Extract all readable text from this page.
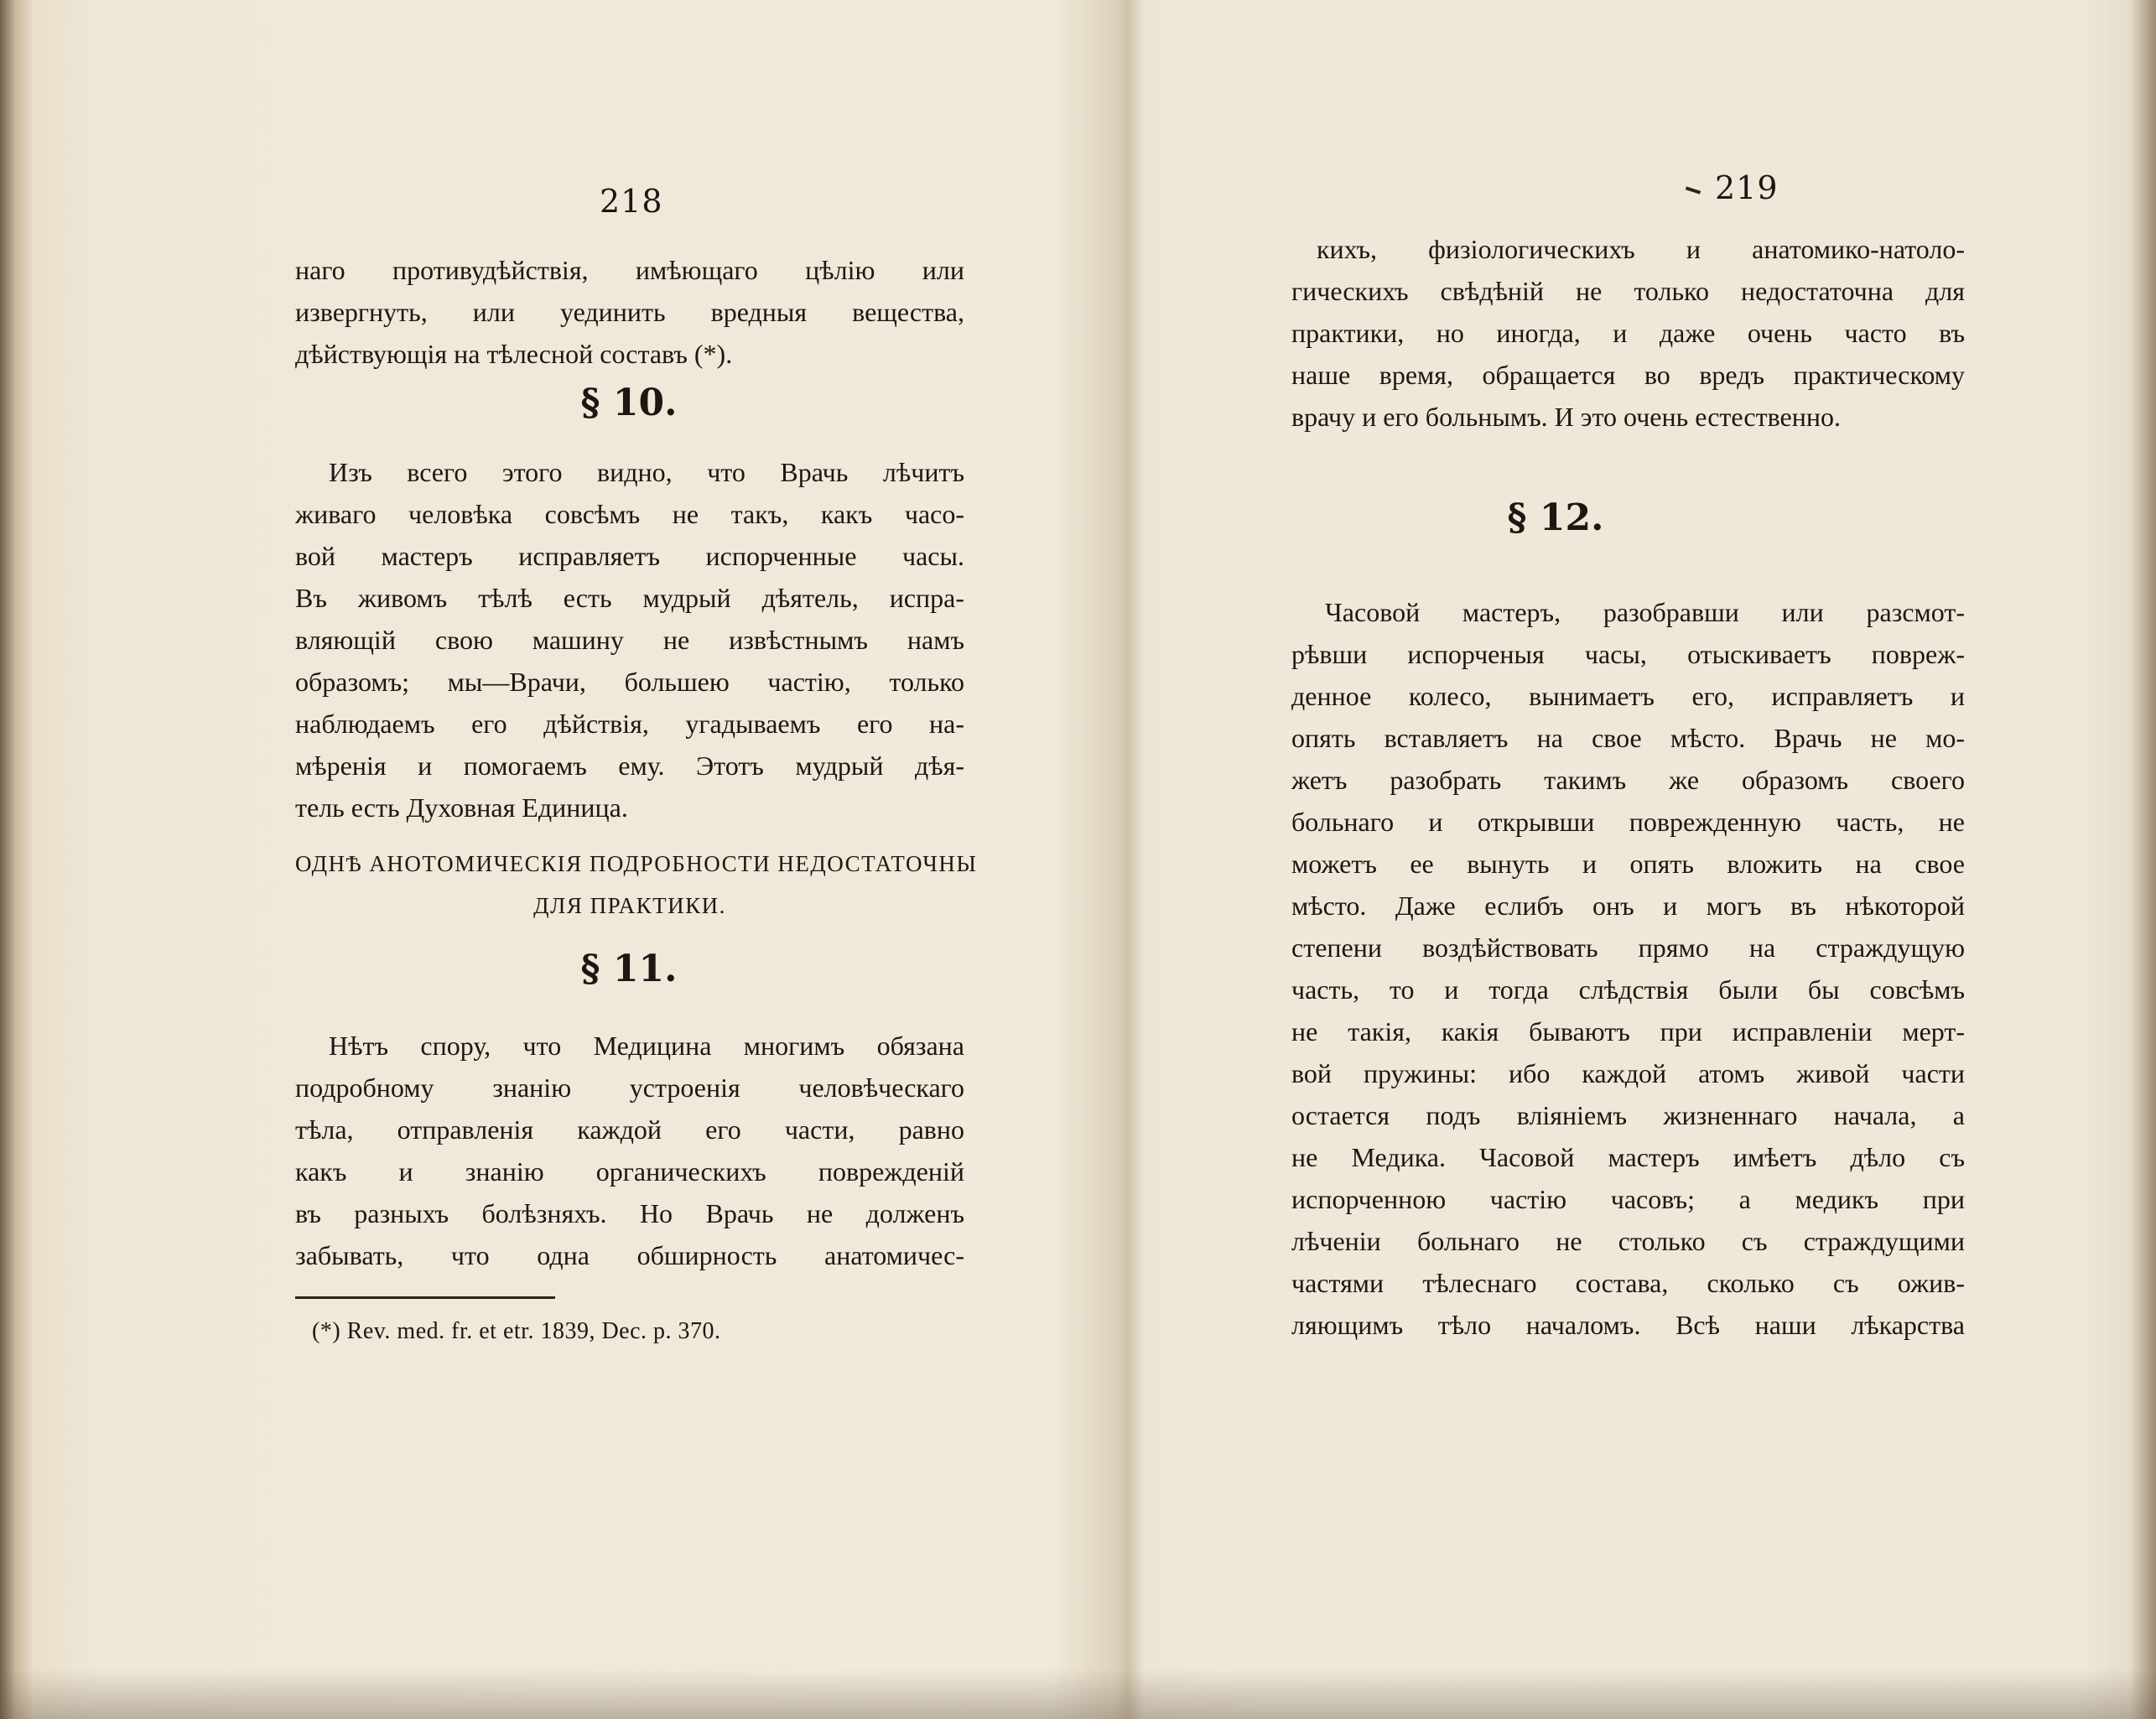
218
наго противудѣйствія, имѣющаго цѣлію или
извергнуть, или уединить вредныя вещества,
дѣйствующія на тѣлесной составъ (*).
§ 10.
Изъ всего этого видно, что Врачь лѣчитъ
живаго человѣка совсѣмъ не такъ, какъ часо-
вой мастеръ исправляетъ испорченные часы.
Въ живомъ тѣлѣ есть мудрый дѣятель, испра-
вляющій свою машину не извѣстнымъ намъ
образомъ; мы—Врачи, большею частію, только
наблюдаемъ его дѣйствія, угадываемъ его на-
мѣренія и помогаемъ ему. Этотъ мудрый дѣя-
тель есть Духовная Единица.
ОДНѢ АНОТОМИЧЕСКІЯ ПОДРОБНОСТИ НЕДОСТАТОЧНЫ
ДЛЯ ПРАКТИКИ.
§ 11.
Нѣтъ спору, что Медицина многимъ обязана
подробному знанію устроенія человѣческаго
тѣла, отправленія каждой его части, равно
какъ и знанію органическихъ поврежденій
въ разныхъ болѣзняхъ. Но Врачь не долженъ
забывать, что одна обширность анатомичес-
(*) Rev. med. fr. et etr. 1839, Dec. p. 370.
219
кихъ, физіологическихъ и анатомико-натоло-
гическихъ свѣдѣній не только недостаточна для
практики, но иногда, и даже очень часто въ
наше время, обращается во вредъ практическому
врачу и его больнымъ. И это очень естественно.
§ 12.
Часовой мастеръ, разобравши или разсмот-
рѣвши испорченыя часы, отыскиваетъ повреж-
денное колесо, вынимаетъ его, исправляетъ и
опять вставляетъ на свое мѣсто. Врачь не мо-
жетъ разобрать такимъ же образомъ своего
больнаго и открывши поврежденную часть, не
можетъ ее вынуть и опять вложить на свое
мѣсто. Даже еслибъ онъ и могъ въ нѣкоторой
степени воздѣйствовать прямо на страждущую
часть, то и тогда слѣдствія были бы совсѣмъ
не такія, какія бываютъ при исправленіи мерт-
вой пружины: ибо каждой атомъ живой части
остается подъ вліяніемъ жизненнаго начала, а
не Медика. Часовой мастеръ имѣетъ дѣло съ
испорченною частію часовъ; а медикъ при
лѣченіи больнаго не столько съ страждущими
частями тѣлеснаго состава, сколько съ ожив-
ляющимъ тѣло началомъ. Всѣ наши лѣкарства
